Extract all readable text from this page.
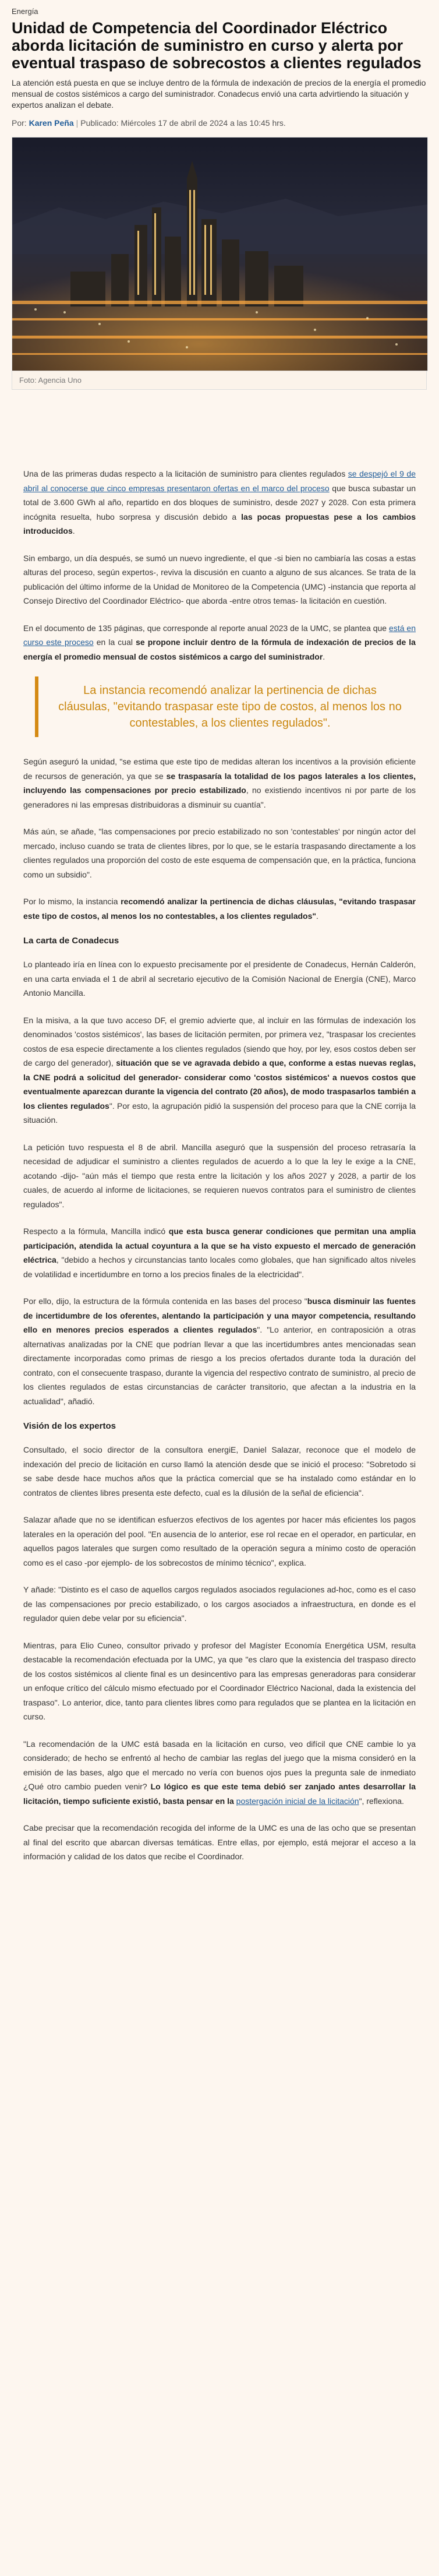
Energía
Unidad de Competencia del Coordinador Eléctrico aborda licitación de suministro en curso y alerta por eventual traspaso de sobrecostos a clientes regulados

La atención está puesta en que se incluye dentro de la fórmula de indexación de precios de la energía el promedio mensual de costos sistémicos a cargo del suministrador. Conadecus envió una carta advirtiendo la situación y expertos analizan el debate.

Por: Karen Peña | Publicado: Miércoles 17 de abril de 2024 a las 10:45 hrs.
Foto: Agencia Uno

Una de las primeras dudas respecto a la licitación de suministro para clientes regulados se despejó el 9 de abril al conocerse que cinco empresas presentaron ofertas en el marco del proceso que busca subastar un total de 3.600 GWh al año, repartido en dos bloques de suministro, desde 2027 y 2028. Con esta primera incógnita resuelta, hubo sorpresa y discusión debido a las pocas propuestas pese a los cambios introducidos.

Sin embargo, un día después, se sumó un nuevo ingrediente, el que -si bien no cambiaría las cosas a estas alturas del proceso, según expertos-, reviva la discusión en cuanto a alguno de sus alcances. Se trata de la publicación del último informe de la Unidad de Monitoreo de la Competencia (UMC) -instancia que reporta al Consejo Directivo del Coordinador Eléctrico- que aborda -entre otros temas- la licitación en cuestión.

En el documento de 135 páginas, que corresponde al reporte anual 2023 de la UMC, se plantea que está en curso este proceso en la cual se propone incluir dentro de la fórmula de indexación de precios de la energía el promedio mensual de costos sistémicos a cargo del suministrador.

La instancia recomendó analizar la pertinencia de dichas cláusulas, "evitando traspasar este tipo de costos, al menos los no contestables, a los clientes regulados".

Según aseguró la unidad, "se estima que este tipo de medidas alteran los incentivos a la provisión eficiente de recursos de generación, ya que se se traspasaría la totalidad de los pagos laterales a los clientes, incluyendo las compensaciones por precio estabilizado, no existiendo incentivos ni por parte de los generadores ni las empresas distribuidoras a disminuir su cuantía".

Más aún, se añade, "las compensaciones por precio estabilizado no son 'contestables' por ningún actor del mercado, incluso cuando se trata de clientes libres, por lo que, se le estaría traspasando directamente a los clientes regulados una proporción del costo de este esquema de compensación que, en la práctica, funciona como un subsidio".

Por lo mismo, la instancia recomendó analizar la pertinencia de dichas cláusulas, "evitando traspasar este tipo de costos, al menos los no contestables, a los clientes regulados".

La carta de Conadecus

Lo planteado iría en línea con lo expuesto precisamente por el presidente de Conadecus, Hernán Calderón, en una carta enviada el 1 de abril al secretario ejecutivo de la Comisión Nacional de Energía (CNE), Marco Antonio Mancilla.

En la misiva, a la que tuvo acceso DF, el gremio advierte que, al incluir en las fórmulas de indexación los denominados 'costos sistémicos', las bases de licitación permiten, por primera vez, "traspasar los crecientes costos de esa especie directamente a los clientes regulados (siendo que hoy, por ley, esos costos deben ser de cargo del generador), situación que se ve agravada debido a que, conforme a estas nuevas reglas, la CNE podrá a solicitud del generador- considerar como 'costos sistémicos' a nuevos costos que eventualmente aparezcan durante la vigencia del contrato (20 años), de modo traspasarlos también a los clientes regulados". Por esto, la agrupación pidió la suspensión del proceso para que la CNE corrija la situación.

La petición tuvo respuesta el 8 de abril. Mancilla aseguró que la suspensión del proceso retrasaría la necesidad de adjudicar el suministro a clientes regulados de acuerdo a lo que la ley le exige a la CNE, acotando -dijo- "aún más el tiempo que resta entre la licitación y los años 2027 y 2028, a partir de los cuales, de acuerdo al informe de licitaciones, se requieren nuevos contratos para el suministro de clientes regulados".

Respecto a la fórmula, Mancilla indicó que esta busca generar condiciones que permitan una amplia participación, atendida la actual coyuntura a la que se ha visto expuesto el mercado de generación eléctrica, "debido a hechos y circunstancias tanto locales como globales, que han significado altos niveles de volatilidad e incertidumbre en torno a los precios finales de la electricidad".

Por ello, dijo, la estructura de la fórmula contenida en las bases del proceso "busca disminuir las fuentes de incertidumbre de los oferentes, alentando la participación y una mayor competencia, resultando ello en menores precios esperados a clientes regulados". "Lo anterior, en contraposición a otras alternativas analizadas por la CNE que podrían llevar a que las incertidumbres antes mencionadas sean directamente incorporadas como primas de riesgo a los precios ofertados durante toda la duración del contrato, con el consecuente traspaso, durante la vigencia del respectivo contrato de suministro, al precio de los clientes regulados de estas circunstancias de carácter transitorio, que afectan a la industria en la actualidad", añadió.

Visión de los expertos

Consultado, el socio director de la consultora energiE, Daniel Salazar, reconoce que el modelo de indexación del precio de licitación en curso llamó la atención desde que se inició el proceso: "Sobretodo si se sabe desde hace muchos años que la práctica comercial que se ha instalado como estándar en lo contratos de clientes libres presenta este defecto, cual es la dilusión de la señal de eficiencia".

Salazar añade que no se identifican esfuerzos efectivos de los agentes por hacer más eficientes los pagos laterales en la operación del pool. "En ausencia de lo anterior, ese rol recae en el operador, en particular, en aquellos pagos laterales que surgen como resultado de la operación segura a mínimo costo de operación como es el caso -por ejemplo- de los sobrecostos de mínimo técnico", explica.

Y añade: "Distinto es el caso de aquellos cargos regulados asociados regulaciones ad-hoc, como es el caso de las compensaciones por precio estabilizado, o los cargos asociados a infraestructura, en donde es el regulador quien debe velar por su eficiencia".

Mientras, para Elio Cuneo, consultor privado y profesor del Magíster Economía Energética USM, resulta destacable la recomendación efectuada por la UMC, ya que "es claro que la existencia del traspaso directo de los costos sistémicos al cliente final es un desincentivo para las empresas generadoras para considerar un enfoque crítico del cálculo mismo efectuado por el Coordinador Eléctrico Nacional, dada la existencia del traspaso". Lo anterior, dice, tanto para clientes libres como para regulados que se plantea en la licitación en curso.

"La recomendación de la UMC está basada en la licitación en curso, veo difícil que CNE cambie lo ya considerado; de hecho se enfrentó al hecho de cambiar las reglas del juego que la misma consideró en la emisión de las bases, algo que el mercado no vería con buenos ojos pues la pregunta sale de inmediato ¿Qué otro cambio pueden venir? Lo lógico es que este tema debió ser zanjado antes desarrollar la licitación, tiempo suficiente existió, basta pensar en la postergación inicial de la licitación", reflexiona.

Cabe precisar que la recomendación recogida del informe de la UMC es una de las ocho que se presentan al final del escrito que abarcan diversas temáticas. Entre ellas, por ejemplo, está mejorar el acceso a la información y calidad de los datos que recibe el Coordinador.
